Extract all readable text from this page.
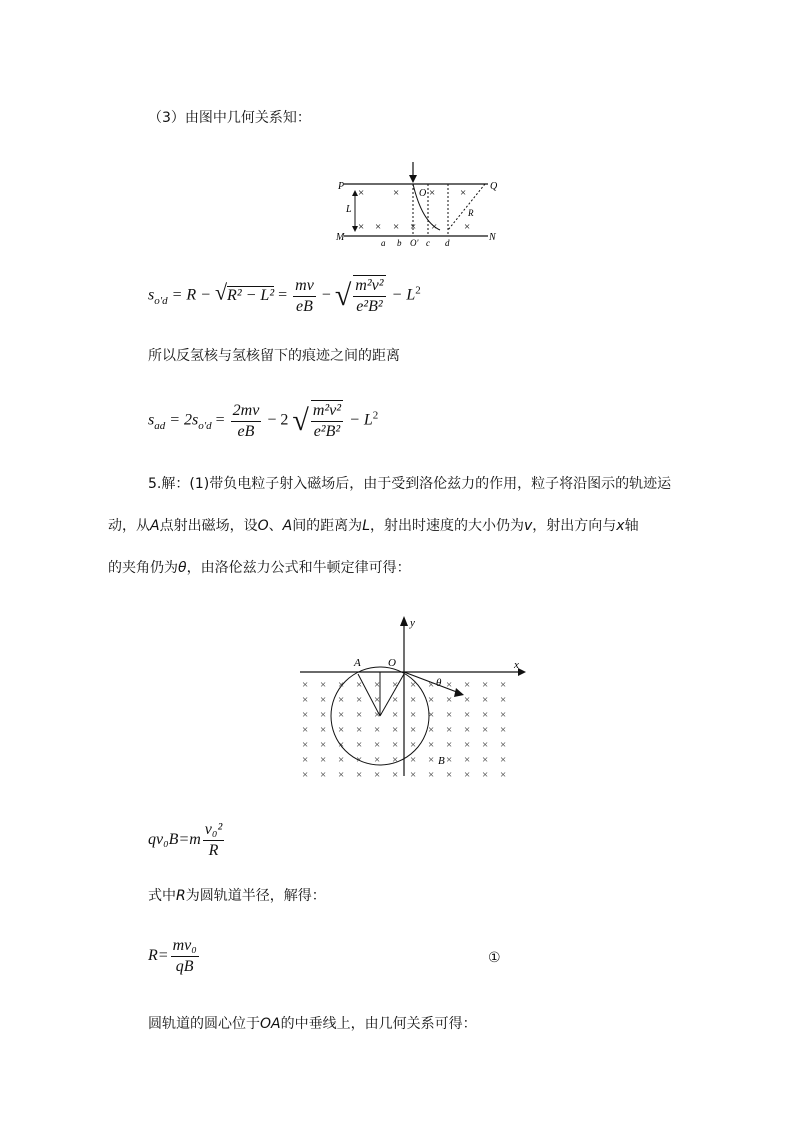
（3）由图中几何关系知：
P	Q
M	N
O
L	R
a b O' c d
×	×	× ×
× × × × × ×
$s_{o'd} = R - √R^2 - L^2 = \frac{mv}{eB}$ − √ $\frac{\text{m²v²}}{\text{e²B²}} - L^2$
所以反氢核与氢核留下的痕迹之间的距离
$s_{ad} = 2s_{o'd} = \frac{2mv}{eB} - 2$ √ $\frac{\text{m²v²}}{\text{e²B²}} - L^2$
5.解：(1)带负电粒子射入磁场后，由于受到洛伦兹力的作用，粒子将沿图示的轨迹运
动，从A点射出磁场，设O、A间的距离为L，射出时速度的大小仍为v，射出方向与x轴
的夹角仍为θ，由洛伦兹力公式和牛顿定律可得：
y
x
A O
θ
B
× × × × × × × × × × × ×
× × × × × × × × × × × ×
× × × × × × × × × × × ×
× × × × × × × × × × × ×
× × × × × × × × × × × ×
× × × × × × × × × × × ×
× × × × × × × × × × × ×
$qv_0B=m \frac{\text{v₀²}}{R}$
式中R为圆轨道半径，解得：
$R= \frac{\text{mv₀}}{qB}$	①
圆轨道的圆心位于OA的中垂线上，由几何关系可得：
